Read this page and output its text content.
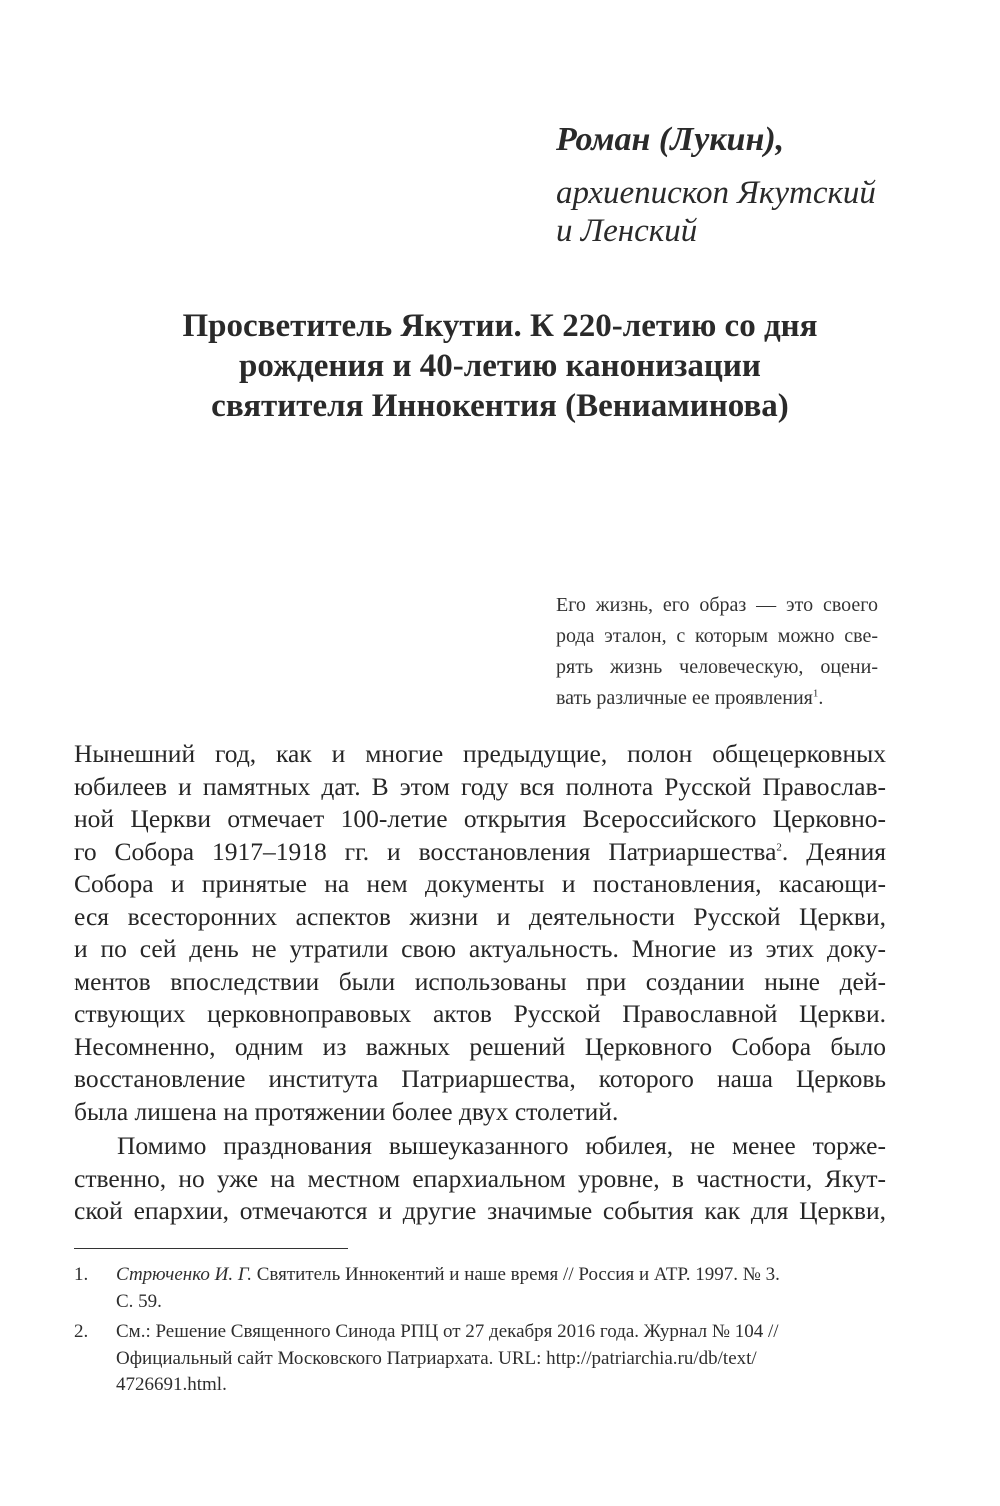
Роман (Лукин),

архиепископ Якутский
и Ленский

Просветитель Якутии. К 220-летию со дня
рождения и 40-летию канонизации
святителя Иннокентия (Вениаминова)
Его жизнь, его образ — это своего
рода эталон, с которым можно све-
рять жизнь человеческую, оцени-
вать различные ее проявления$^1$.

Нынешний год, как и многие предыдущие, полон общецерковных
юбилеев и памятных дат. В этом году вся полнота Русской Православ-
ной Церкви отмечает 100-летие открытия Всероссийского Церковно-
го Собора 1917–1918 гг. и восстановления Патриаршества$^2$. Деяния
Собора и принятые на нем документы и постановления, касающи-
еся всесторонних аспектов жизни и деятельности Русской Церкви,
и по сей день не утратили свою актуальность. Многие из этих доку-
ментов впоследствии были использованы при создании ныне дей-
ствующих церковноправовых актов Русской Православной Церкви.
Несомненно, одним из важных решений Церковного Собора было
восстановление института Патриаршества, которого наша Церковь
была лишена на протяжении более двух столетий.

Помимо празднования вышеуказанного юбилея, не менее торже-
ственно, но уже на местном епархиальном уровне, в частности, Якут-
ской епархии, отмечаются и другие значимые события как для Церкви,

1. Стрюченко И. Г. Святитель Иннокентий и наше время // Россия и АТР. 1997. № 3.
С. 59.
2. См.: Решение Священного Синода РПЦ от 27 декабря 2016 года. Журнал № 104 //
Официальный сайт Московского Патриархата. URL: http://patriarchia.ru/db/text/
4726691.html.
